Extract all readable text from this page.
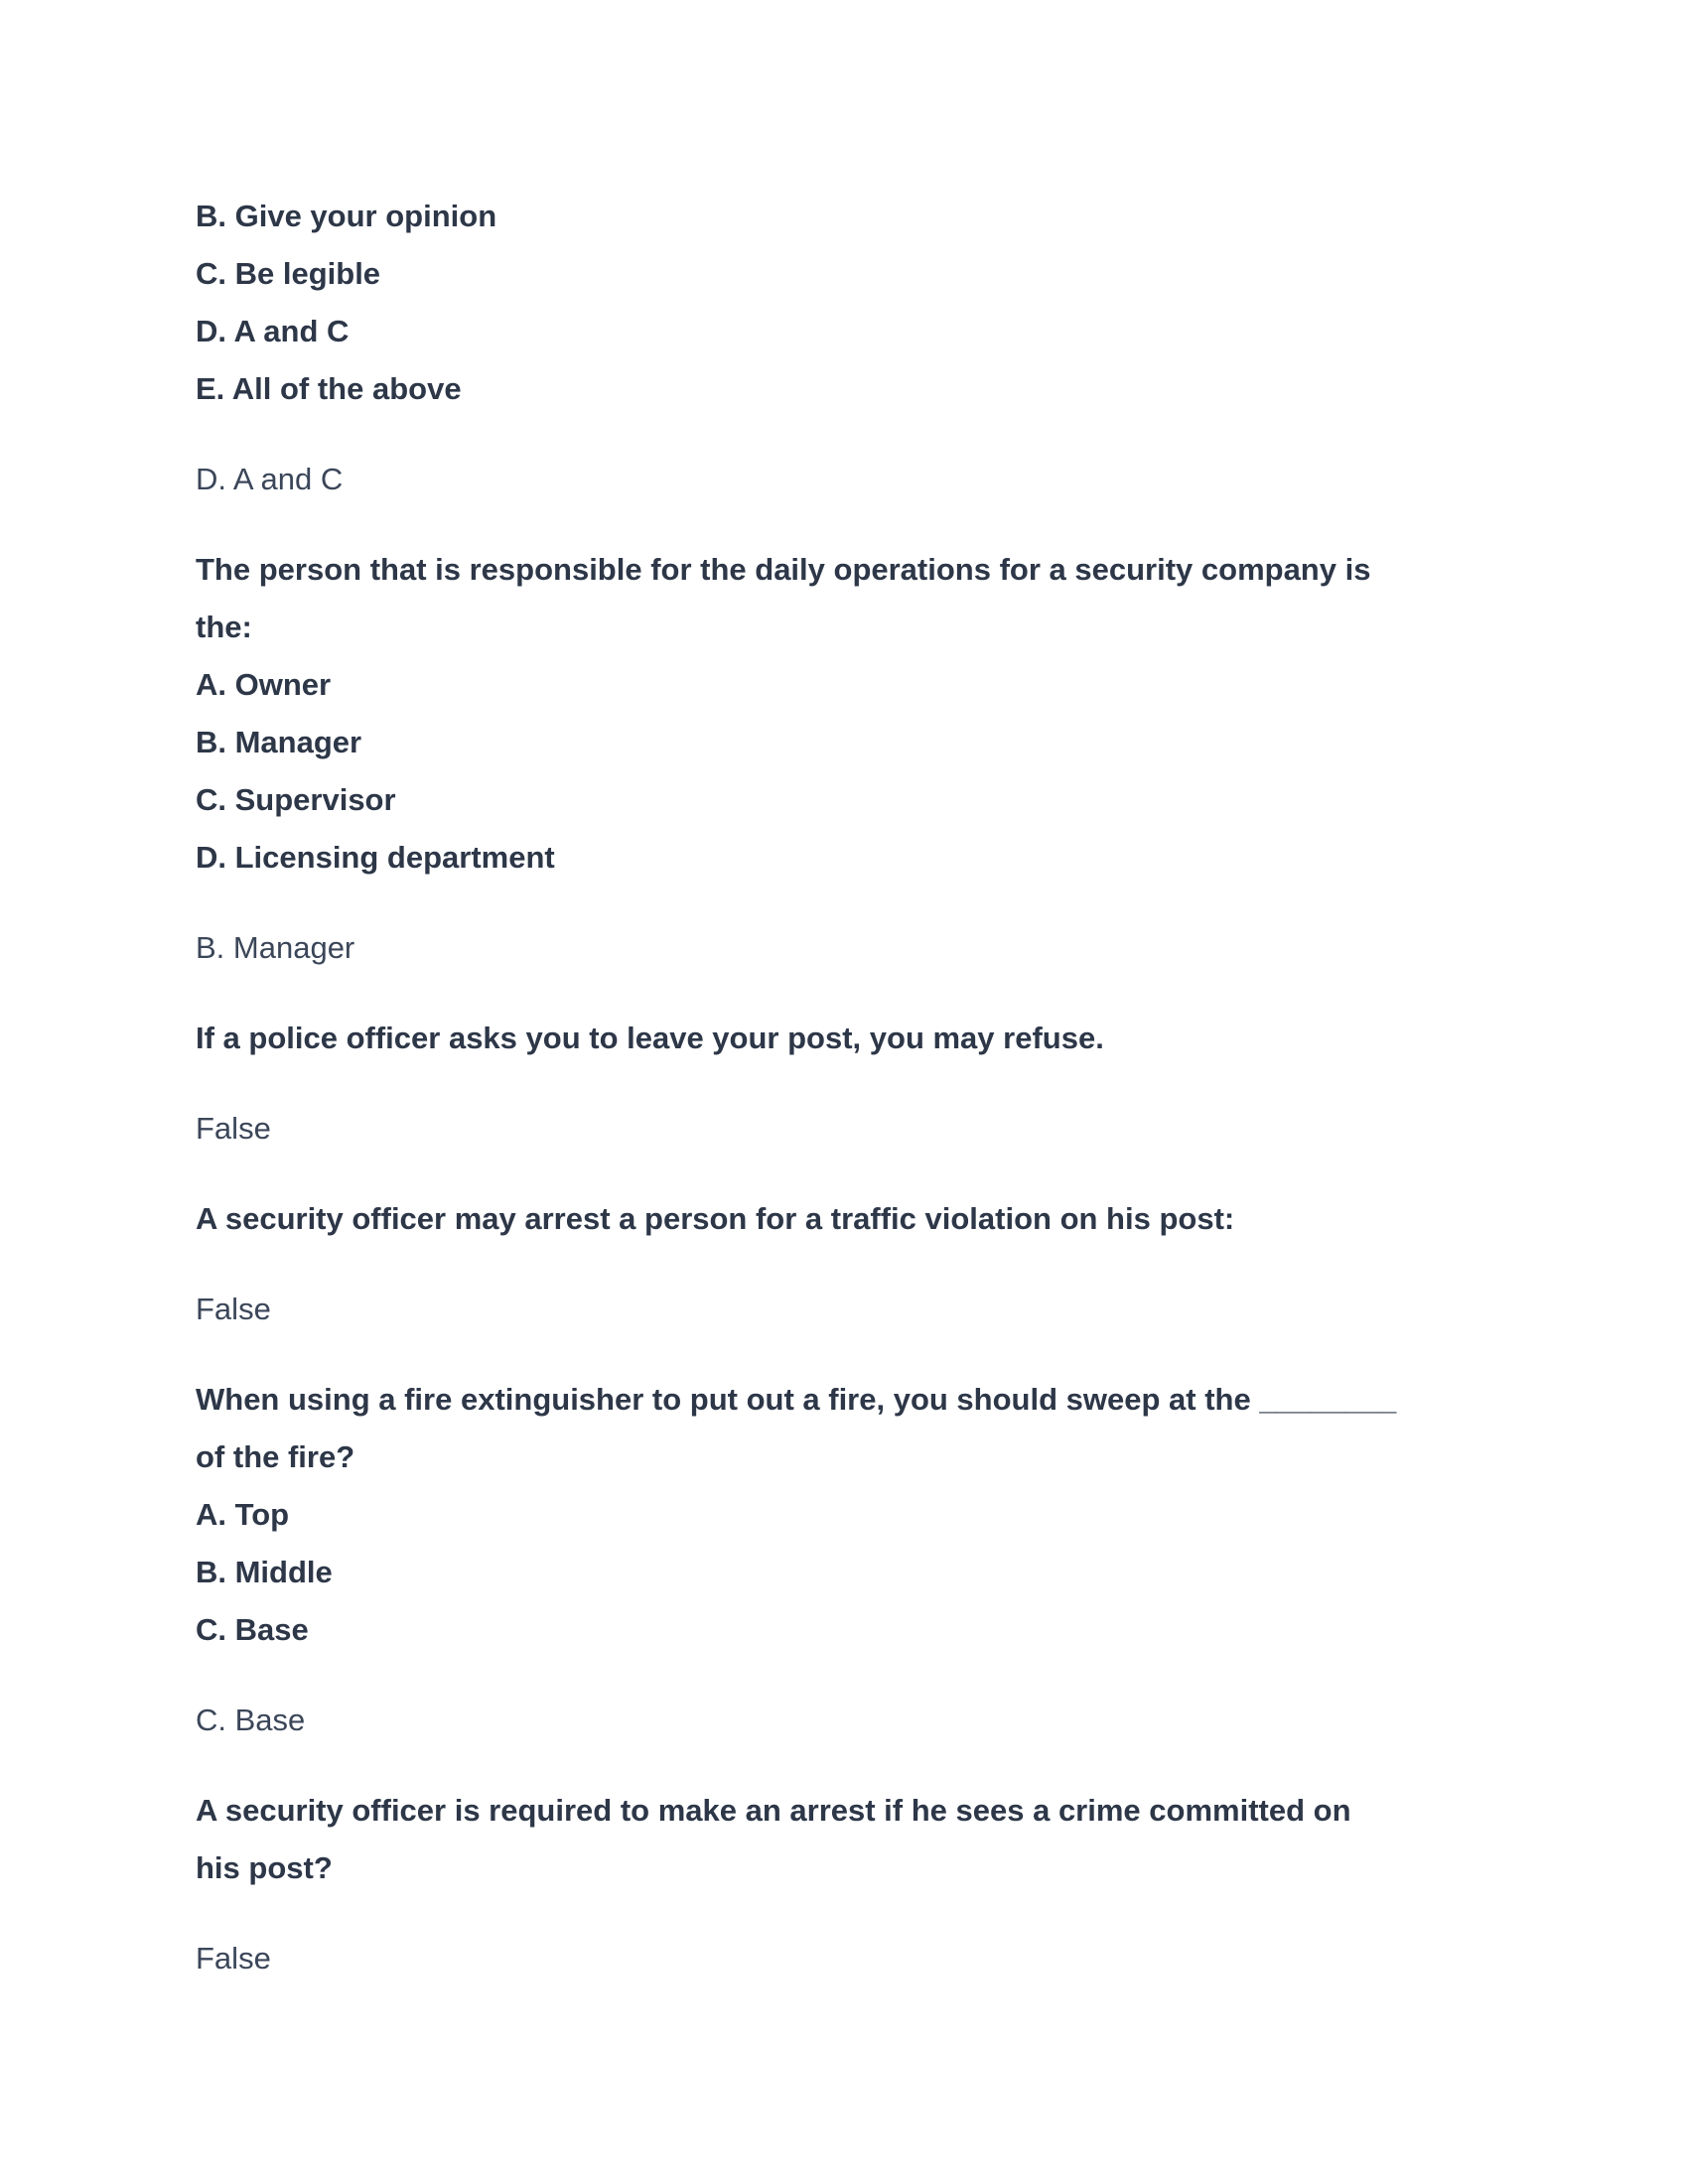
B. Give your opinion
C. Be legible
D. A and C
E. All of the above
D. A and C
The person that is responsible for the daily operations for a security company is
the:
A. Owner
B. Manager
C. Supervisor
D. Licensing department
B. Manager
If a police officer asks you to leave your post, you may refuse.
False
A security officer may arrest a person for a traffic violation on his post:
False
When using a fire extinguisher to put out a fire, you should sweep at the ________
of the fire?
A. Top
B. Middle
C. Base
C. Base
A security officer is required to make an arrest if he sees a crime committed on
his post?
False
